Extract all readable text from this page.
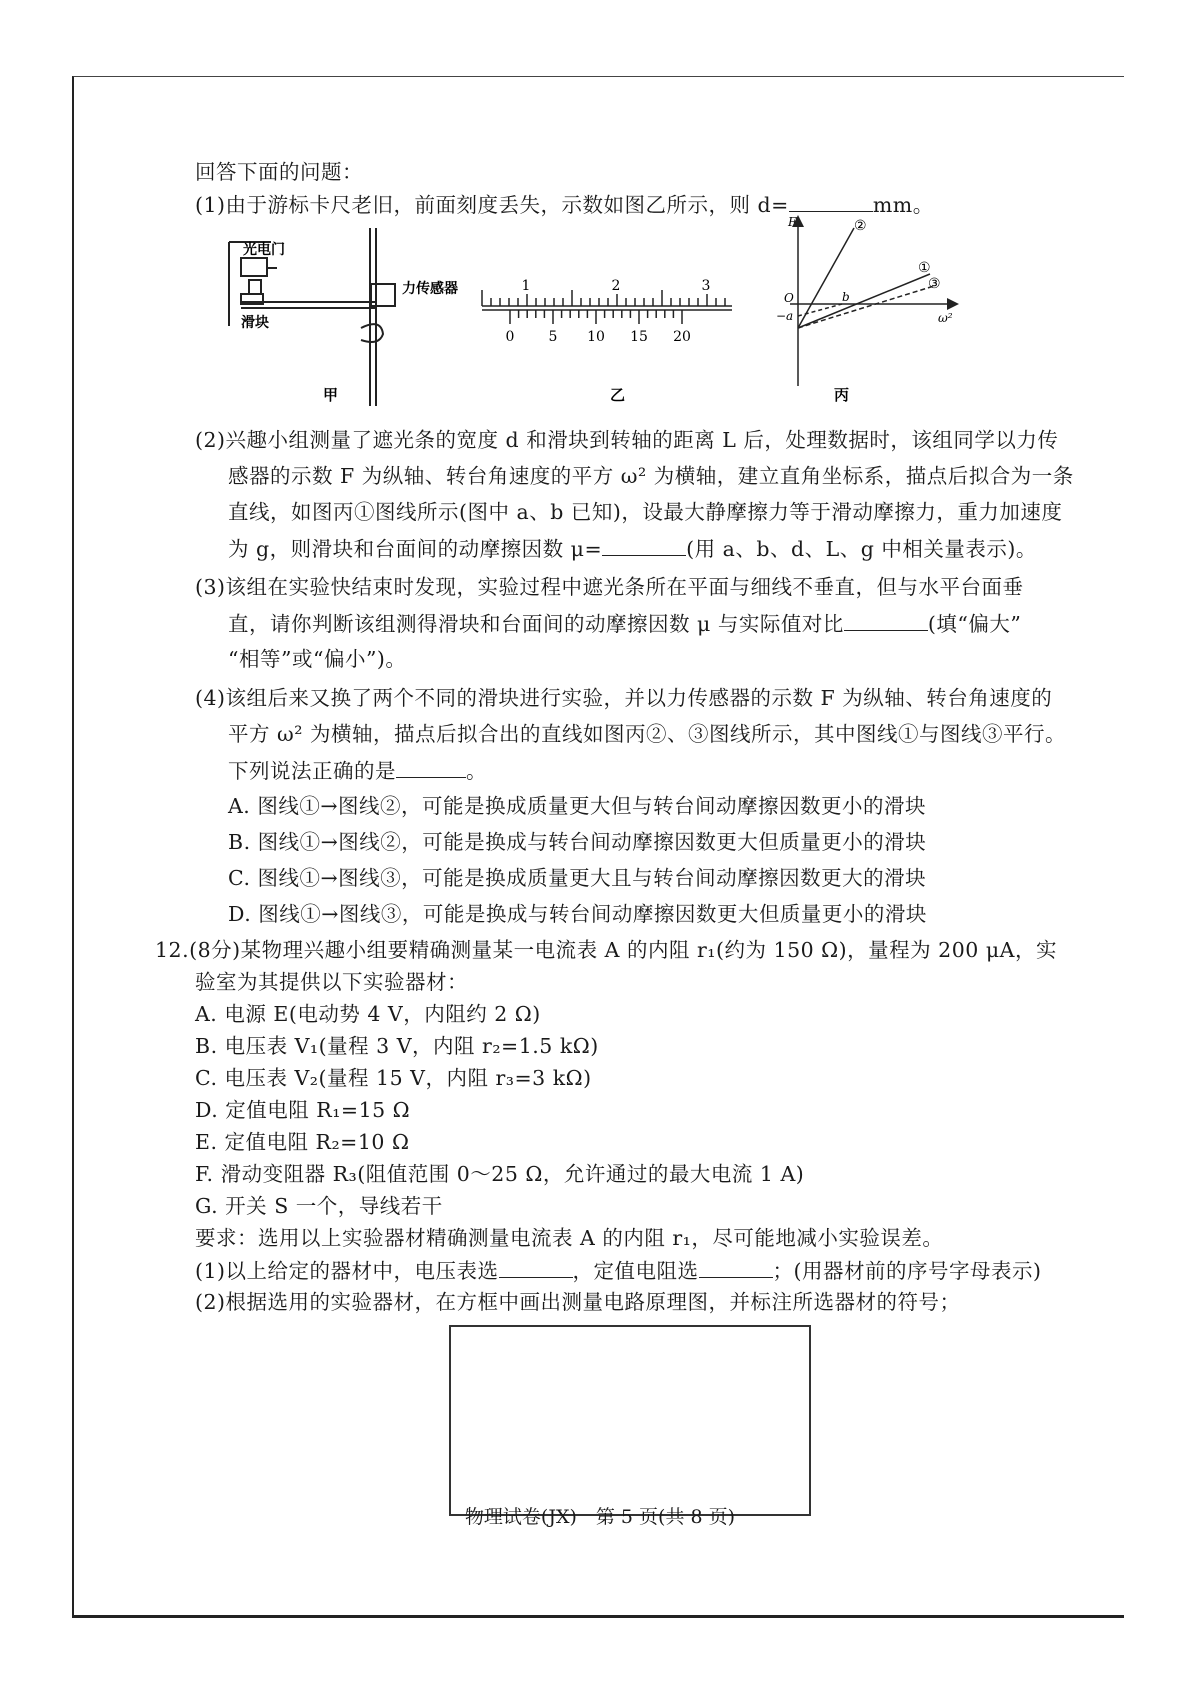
回答下面的问题：
(1)由于游标卡尺老旧，前面刻度丢失，示数如图乙所示，则 d=	mm。
光电门
力传感器
滑块
甲
1	2	3
0 5 10 15 20
乙
F
ω²
O
−a
b
①
②
③
丙
(2)兴趣小组测量了遮光条的宽度 d 和滑块到转轴的距离 L 后，处理数据时，该组同学以力传
感器的示数 F 为纵轴、转台角速度的平方 ω² 为横轴，建立直角坐标系，描点后拟合为一条
直线，如图丙①图线所示(图中 a、b 已知)，设最大静摩擦力等于滑动摩擦力，重力加速度
为 g，则滑块和台面间的动摩擦因数 μ=	(用 a、b、d、L、g 中相关量表示)。
(3)该组在实验快结束时发现，实验过程中遮光条所在平面与细线不垂直，但与水平台面垂
直，请你判断该组测得滑块和台面间的动摩擦因数 μ 与实际值对比	(填“偏大”
“相等”或“偏小”)。
(4)该组后来又换了两个不同的滑块进行实验，并以力传感器的示数 F 为纵轴、转台角速度的
平方 ω² 为横轴，描点后拟合出的直线如图丙②、③图线所示，其中图线①与图线③平行。
下列说法正确的是	。
A. 图线①→图线②，可能是换成质量更大但与转台间动摩擦因数更小的滑块
B. 图线①→图线②，可能是换成与转台间动摩擦因数更大但质量更小的滑块
C. 图线①→图线③，可能是换成质量更大且与转台间动摩擦因数更大的滑块
D. 图线①→图线③，可能是换成与转台间动摩擦因数更大但质量更小的滑块
12.(8分)某物理兴趣小组要精确测量某一电流表 A 的内阻 r₁(约为 150 Ω)，量程为 200 μA，实
验室为其提供以下实验器材：
A. 电源 E(电动势 4 V，内阻约 2 Ω)
B. 电压表 V₁(量程 3 V，内阻 r₂=1.5 kΩ)
C. 电压表 V₂(量程 15 V，内阻 r₃=3 kΩ)
D. 定值电阻 R₁=15 Ω
E. 定值电阻 R₂=10 Ω
F. 滑动变阻器 R₃(阻值范围 0～25 Ω，允许通过的最大电流 1 A)
G. 开关 S 一个，导线若干
要求：选用以上实验器材精确测量电流表 A 的内阻 r₁，尽可能地减小实验误差。
(1)以上给定的器材中，电压表选	，定值电阻选	；(用器材前的序号字母表示)
(2)根据选用的实验器材，在方框中画出测量电路原理图，并标注所选器材的符号；
物理试卷(JX)　第 5 页(共 8 页)
